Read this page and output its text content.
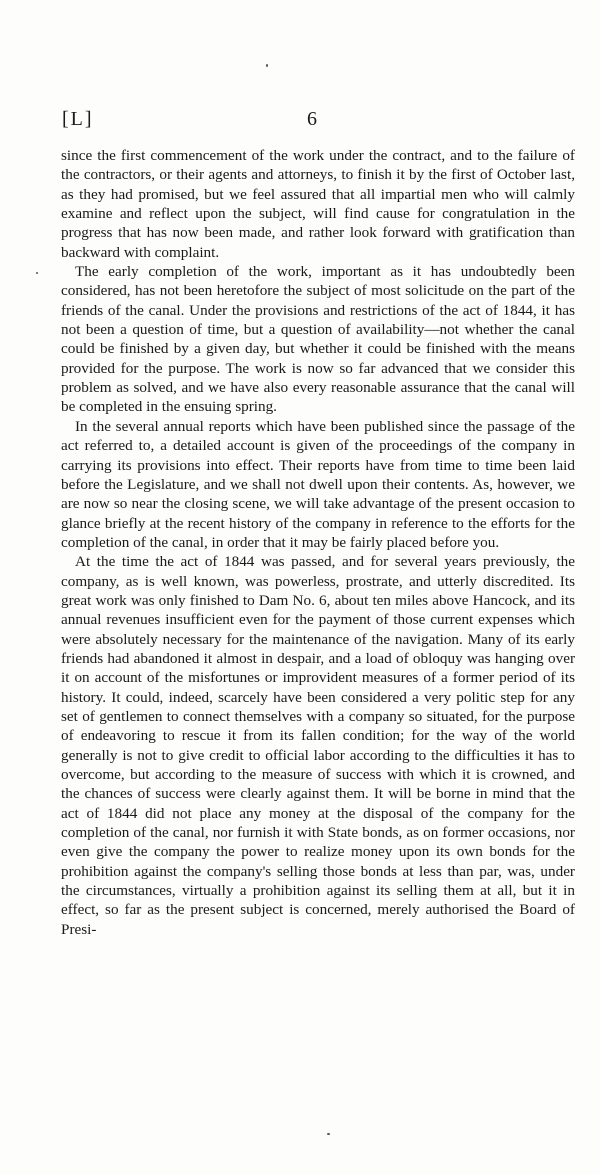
[L]	6

since the first commencement of the work under the contract, and to the failure of the contractors, or their agents and attorneys, to finish it by the first of October last, as they had promised, but we feel assured that all impartial men who will calmly examine and reflect upon the subject, will find cause for congratulation in the progress that has now been made, and rather look forward with gratification than backward with complaint.

The early completion of the work, important as it has undoubtedly been considered, has not been heretofore the subject of most solicitude on the part of the friends of the canal. Under the provisions and restrictions of the act of 1844, it has not been a question of time, but a question of availability—not whether the canal could be finished by a given day, but whether it could be finished with the means provided for the purpose. The work is now so far advanced that we consider this problem as solved, and we have also every reasonable assurance that the canal will be completed in the ensuing spring.

In the several annual reports which have been published since the passage of the act referred to, a detailed account is given of the proceedings of the company in carrying its provisions into effect. Their reports have from time to time been laid before the Legislature, and we shall not dwell upon their contents. As, however, we are now so near the closing scene, we will take advantage of the present occasion to glance briefly at the recent history of the company in reference to the efforts for the completion of the canal, in order that it may be fairly placed before you.

At the time the act of 1844 was passed, and for several years previously, the company, as is well known, was powerless, prostrate, and utterly discredited. Its great work was only finished to Dam No. 6, about ten miles above Hancock, and its annual revenues insufficient even for the payment of those current expenses which were absolutely necessary for the maintenance of the navigation. Many of its early friends had abandoned it almost in despair, and a load of obloquy was hanging over it on account of the misfortunes or improvident measures of a former period of its history. It could, indeed, scarcely have been considered a very politic step for any set of gentlemen to connect themselves with a company so situated, for the purpose of endeavoring to rescue it from its fallen condition; for the way of the world generally is not to give credit to official labor according to the difficulties it has to overcome, but according to the measure of success with which it is crowned, and the chances of success were clearly against them. It will be borne in mind that the act of 1844 did not place any money at the disposal of the company for the completion of the canal, nor furnish it with State bonds, as on former occasions, nor even give the company the power to realize money upon its own bonds for the prohibition against the company's selling those bonds at less than par, was, under the circumstances, virtually a prohibition against its selling them at all, but it in effect, so far as the present subject is concerned, merely authorised the Board of Presi-
